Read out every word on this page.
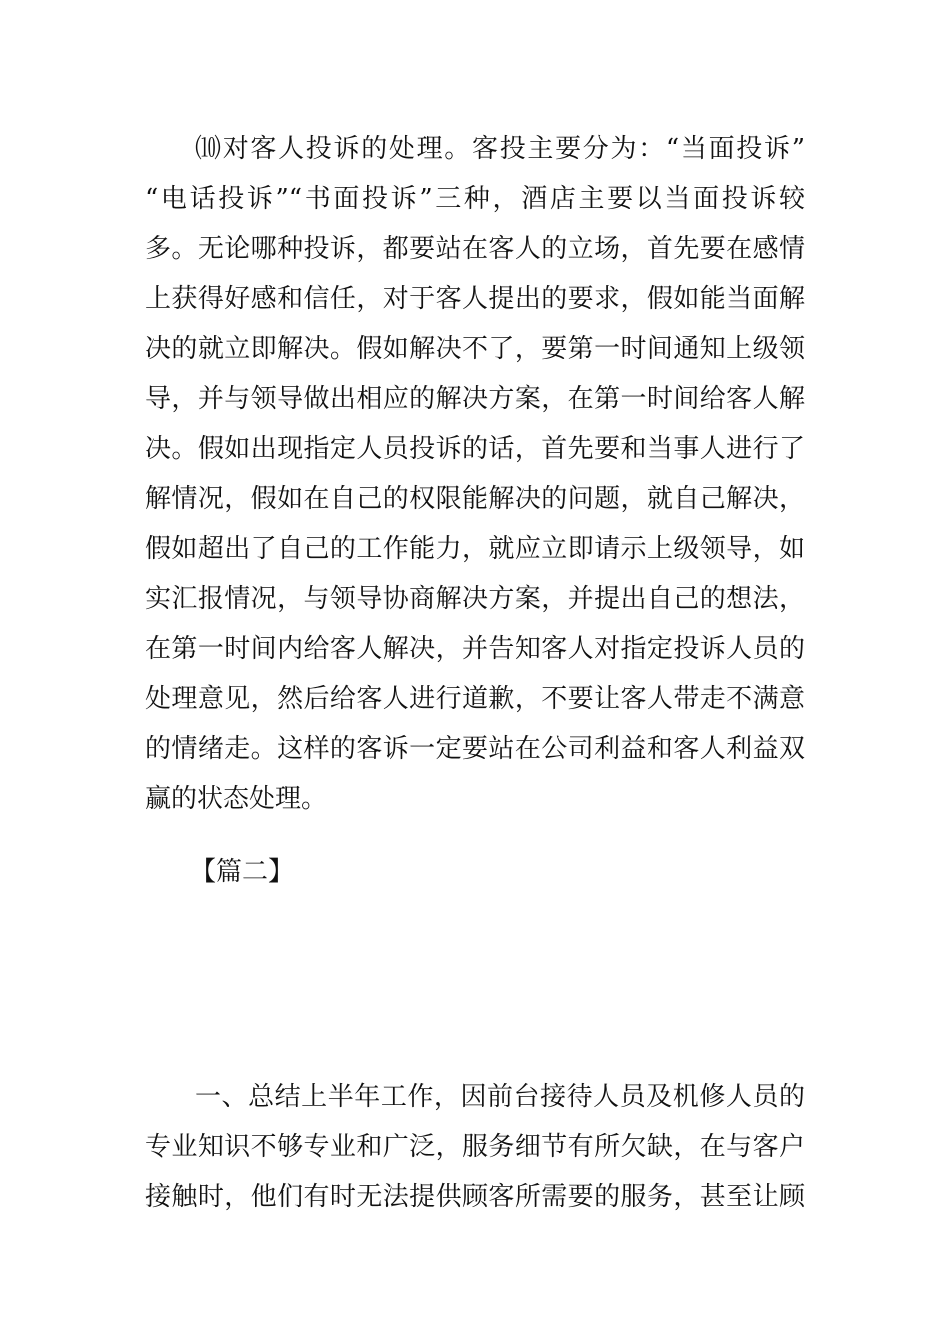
⑽对客人投诉的处理。客投主要分为：“当面投诉”
“电话投诉”“书面投诉”三种，酒店主要以当面投诉较
多。无论哪种投诉，都要站在客人的立场，首先要在感情
上获得好感和信任，对于客人提出的要求，假如能当面解
决的就立即解决。假如解决不了，要第一时间通知上级领
导，并与领导做出相应的解决方案，在第一时间给客人解
决。假如出现指定人员投诉的话，首先要和当事人进行了
解情况，假如在自己的权限能解决的问题，就自己解决，
假如超出了自己的工作能力，就应立即请示上级领导，如
实汇报情况，与领导协商解决方案，并提出自己的想法，
在第一时间内给客人解决，并告知客人对指定投诉人员的
处理意见，然后给客人进行道歉，不要让客人带走不满意
的情绪走。这样的客诉一定要站在公司利益和客人利益双
赢的状态处理。
【篇二】
一、总结上半年工作，因前台接待人员及机修人员的
专业知识不够专业和广泛，服务细节有所欠缺，在与客户
接触时，他们有时无法提供顾客所需要的服务，甚至让顾
